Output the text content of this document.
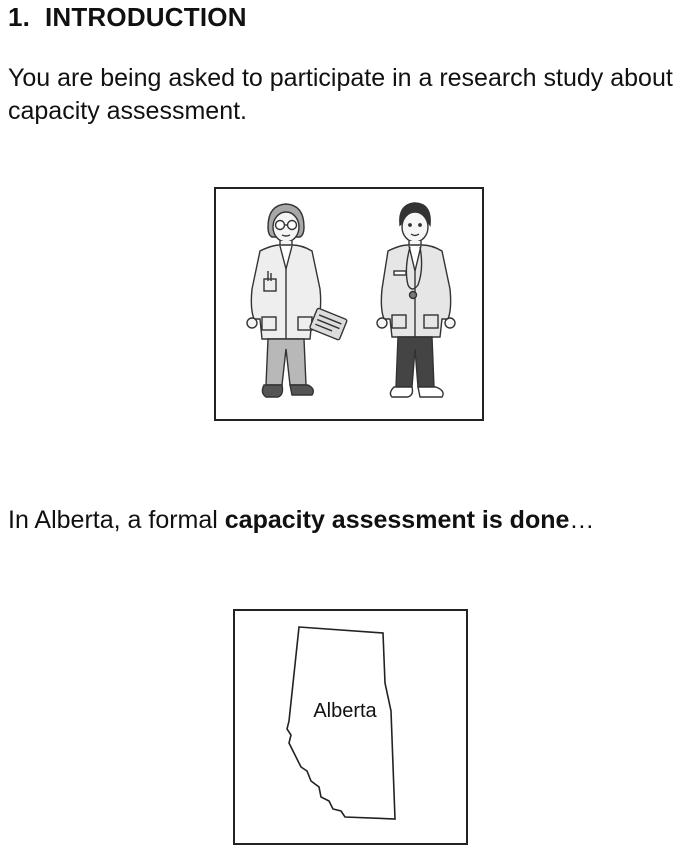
1. INTRODUCTION

You are being asked to participate in a research study about capacity assessment.

In Alberta, a formal capacity assessment is done…

Alberta
